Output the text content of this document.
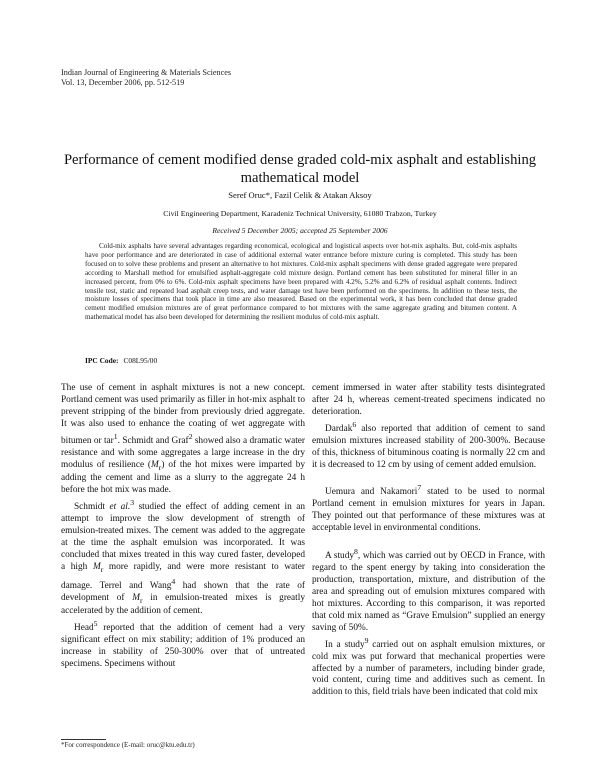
Indian Journal of Engineering & Materials Sciences
Vol. 13, December 2006, pp. 512-519
Performance of cement modified dense graded cold-mix asphalt and establishing mathematical model
Seref Oruc*, Fazil Celik & Atakan Aksoy
Civil Engineering Department, Karadeniz Technical University, 61080 Trabzon, Turkey
Received 5 December 2005; accepted 25 September 2006
Cold-mix asphalts have several advantages regarding economical, ecological and logistical aspects over hot-mix asphalts. But, cold-mix asphalts have poor performance and are deteriorated in case of additional external water entrance before mixture curing is completed. This study has been focused on to solve these problems and present an alternative to hot mixtures. Cold-mix asphalt specimens with dense graded aggregate were prepared according to Marshall method for emulsified asphalt-aggregate cold mixture design. Portland cement has been substituted for mineral filler in an increased percent, from 0% to 6%. Cold-mix asphalt specimens have been prepared with 4.2%, 5.2% and 6.2% of residual asphalt contents. Indirect tensile test, static and repeated load asphalt creep tests, and water damage test have been performed on the specimens. In addition to these tests, the moisture losses of specimens that took place in time are also measured. Based on the experimental work, it has been concluded that dense graded cement modified emulsion mixtures are of great performance compared to hot mixtures with the same aggregate grading and bitumen content. A mathematical model has also been developed for determining the resilient modulus of cold-mix asphalt.
IPC Code: C08L95/00

The use of cement in asphalt mixtures is not a new concept. Portland cement was used primarily as filler in hot-mix asphalt to prevent stripping of the binder from previously dried aggregate. It was also used to enhance the coating of wet aggregate with bitumen or tar$^1$. Schmidt and Graf$^2$ showed also a dramatic water resistance and with some aggregates a large increase in the dry modulus of resilience $(M_r)$ of the hot mixes were imparted by adding the cement and lime as a slurry to the aggregate 24 h before the hot mix was made.

Schmidt et al.$^3$ studied the effect of adding cement in an attempt to improve the slow development of strength of emulsion-treated mixes. The cement was added to the aggregate at the time the asphalt emulsion was incorporated. It was concluded that mixes treated in this way cured faster, developed a high $M_r$ more rapidly, and were more resistant to water damage. Terrel and Wang$^4$ had shown that the rate of development of $M_r$ in emulsion-treated mixes is greatly accelerated by the addition of cement.

Head$^5$ reported that the addition of cement had a very significant effect on mix stability; addition of 1% produced an increase in stability of 250-300% over that of untreated specimens. Specimens without

cement immersed in water after stability tests disintegrated after 24 h, whereas cement-treated specimens indicated no deterioration.

Dardak$^6$ also reported that addition of cement to sand emulsion mixtures increased stability of 200-300%. Because of this, thickness of bituminous coating is normally 22 cm and it is decreased to 12 cm by using of cement added emulsion.

Uemura and Nakamori$^7$ stated to be used to normal Portland cement in emulsion mixtures for years in Japan. They pointed out that performance of these mixtures was at acceptable level in environmental conditions.

A study$^8$, which was carried out by OECD in France, with regard to the spent energy by taking into consideration the production, transportation, mixture, and distribution of the area and spreading out of emulsion mixtures compared with hot mixtures. According to this comparison, it was reported that cold mix named as “Grave Emulsion” supplied an energy saving of 50%.

In a study$^9$ carried out on asphalt emulsion mixtures, or cold mix was put forward that mechanical properties were affected by a number of parameters, including binder grade, void content, curing time and additives such as cement. In addition to this, field trials have been indicated that cold mix

*For correspondence (E-mail: oruc@ktu.edu.tr)
